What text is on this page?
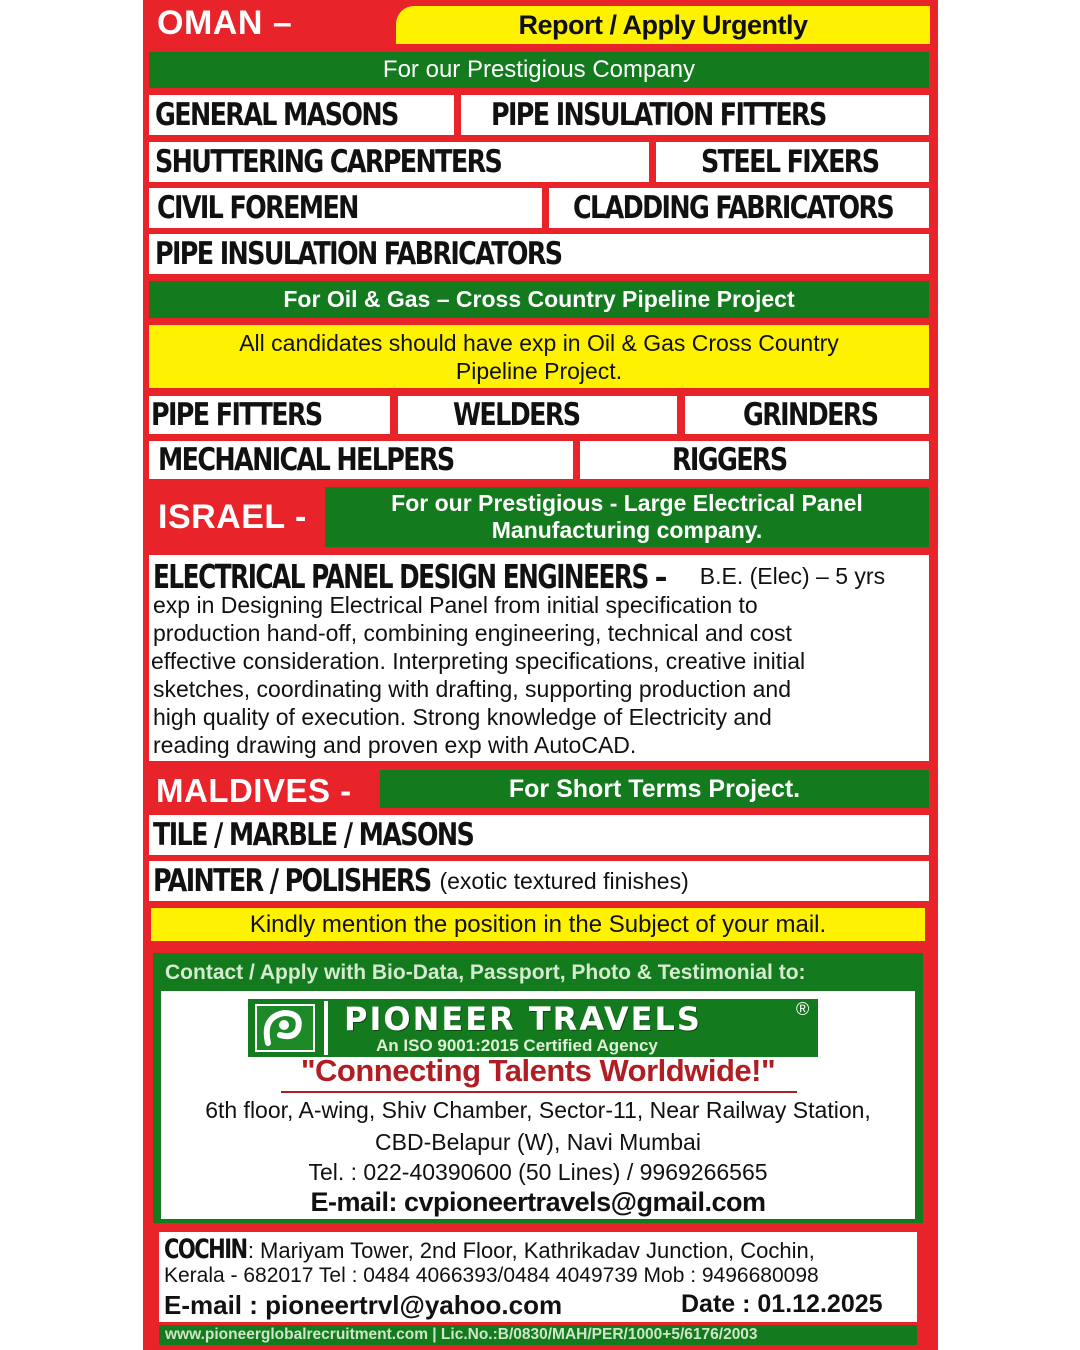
OMAN –	Report / Apply Urgently
For our Prestigious Company
GENERAL MASONS	PIPE INSULATION FITTERS
SHUTTERING CARPENTERS	STEEL FIXERS
CIVIL FOREMEN	CLADDING FABRICATORS
PIPE INSULATION FABRICATORS
For Oil & Gas – Cross Country Pipeline Project
All candidates should have exp in Oil & Gas Cross Country
Pipeline Project.
PIPE FITTERS	WELDERS	GRINDERS
MECHANICAL HELPERS	RIGGERS
ISRAEL -	For our Prestigious - Large Electrical Panel
Manufacturing company.
ELECTRICAL PANEL DESIGN ENGINEERS – B.E. (Elec) – 5 yrs
exp in Designing Electrical Panel from initial specification to
production hand-off, combining engineering, technical and cost
effective consideration. Interpreting specifications, creative initial
sketches, coordinating with drafting, supporting production and
high quality of execution. Strong knowledge of Electricity and
reading drawing and proven exp with AutoCAD.
MALDIVES -	For Short Terms Project.
TILE / MARBLE / MASONS
PAINTER / POLISHERS (exotic textured finishes)
Kindly mention the position in the Subject of your mail.
Contact / Apply with Bio-Data, Passport, Photo & Testimonial to:
PIONEER TRAVELS	®
An ISO 9001:2015 Certified Agency
"Connecting Talents Worldwide!"
6th floor, A-wing, Shiv Chamber, Sector-11, Near Railway Station,
CBD-Belapur (W), Navi Mumbai
Tel. : 022-40390600 (50 Lines) / 9969266565
E-mail: cvpioneertravels@gmail.com
COCHIN: Mariyam Tower, 2nd Floor, Kathrikadav Junction, Cochin,
Kerala - 682017 Tel : 0484 4066393/0484 4049739 Mob : 9496680098
E-mail : pioneertrvl@yahoo.com	Date : 01.12.2025
www.pioneerglobalrecruitment.com | Lic.No.:B/0830/MAH/PER/1000+5/6176/2003
